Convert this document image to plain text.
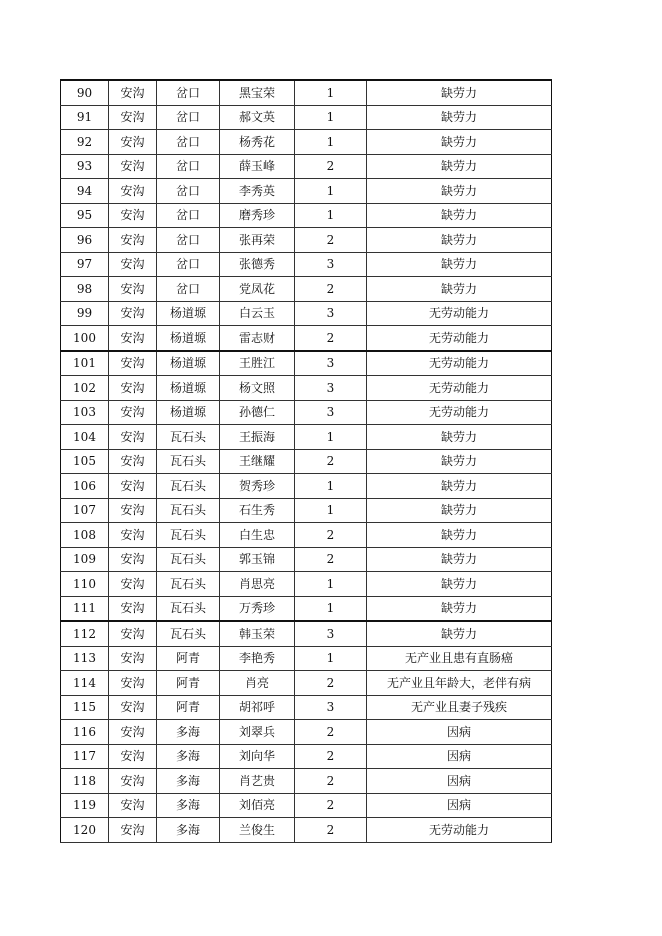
90	安沟	岔口	黑宝荣	1	缺劳力
91	安沟	岔口	郝文英	1	缺劳力
92	安沟	岔口	杨秀花	1	缺劳力
93	安沟	岔口	薛玉峰	2	缺劳力
94	安沟	岔口	李秀英	1	缺劳力
95	安沟	岔口	磨秀珍	1	缺劳力
96	安沟	岔口	张再荣	2	缺劳力
97	安沟	岔口	张德秀	3	缺劳力
98	安沟	岔口	党凤花	2	缺劳力
99	安沟	杨道塬	白云玉	3	无劳动能力
100	安沟	杨道塬	雷志财	2	无劳动能力
101	安沟	杨道塬	王胜江	3	无劳动能力
102	安沟	杨道塬	杨文照	3	无劳动能力
103	安沟	杨道塬	孙德仁	3	无劳动能力
104	安沟	瓦石头	王振海	1	缺劳力
105	安沟	瓦石头	王继耀	2	缺劳力
106	安沟	瓦石头	贺秀珍	1	缺劳力
107	安沟	瓦石头	石生秀	1	缺劳力
108	安沟	瓦石头	白生忠	2	缺劳力
109	安沟	瓦石头	郭玉锦	2	缺劳力
110	安沟	瓦石头	肖思亮	1	缺劳力
111	安沟	瓦石头	万秀珍	1	缺劳力
112	安沟	瓦石头	韩玉荣	3	缺劳力
113	安沟	阿青	李艳秀	1	无产业且患有直肠癌
114	安沟	阿青	肖亮	2	无产业且年龄大，老伴有病
115	安沟	阿青	胡祁呼	3	无产业且妻子残疾
116	安沟	多海	刘翠兵	2	因病
117	安沟	多海	刘向华	2	因病
118	安沟	多海	肖艺贵	2	因病
119	安沟	多海	刘佰亮	2	因病
120	安沟	多海	兰俊生	2	无劳动能力
